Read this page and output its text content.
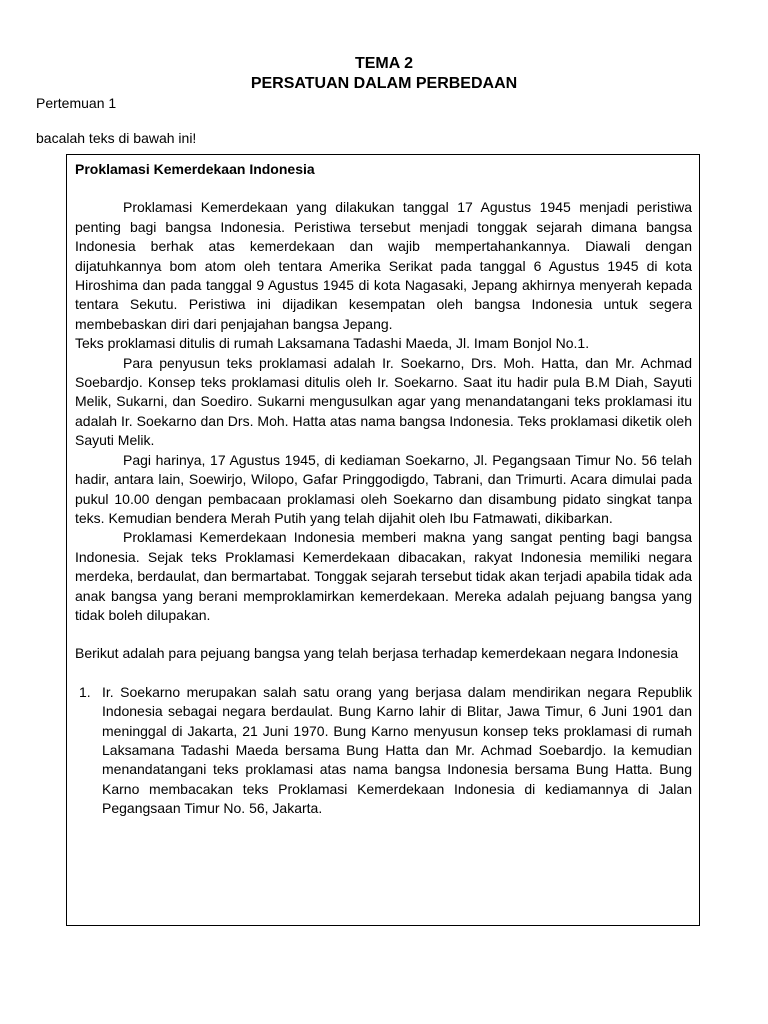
TEMA 2
PERSATUAN DALAM PERBEDAAN
Pertemuan 1
bacalah teks di bawah ini!

Proklamasi Kemerdekaan Indonesia

Proklamasi Kemerdekaan yang dilakukan tanggal 17 Agustus 1945 menjadi peristiwa penting bagi bangsa Indonesia. Peristiwa tersebut menjadi tonggak sejarah dimana bangsa Indonesia berhak atas kemerdekaan dan wajib mempertahankannya. Diawali dengan dijatuhkannya bom atom oleh tentara Amerika Serikat pada tanggal 6 Agustus 1945 di kota Hiroshima dan pada tanggal 9 Agustus 1945 di kota Nagasaki, Jepang akhirnya menyerah kepada tentara Sekutu. Peristiwa ini dijadikan kesempatan oleh bangsa Indonesia untuk segera membebaskan diri dari penjajahan bangsa Jepang.

Teks proklamasi ditulis di rumah Laksamana Tadashi Maeda, Jl. Imam Bonjol No.1.

Para penyusun teks proklamasi adalah Ir. Soekarno, Drs. Moh. Hatta, dan Mr. Achmad Soebardjo. Konsep teks proklamasi ditulis oleh Ir. Soekarno. Saat itu hadir pula B.M Diah, Sayuti Melik, Sukarni, dan Soediro. Sukarni mengusulkan agar yang menandatangani teks proklamasi itu adalah Ir. Soekarno dan Drs. Moh. Hatta atas nama bangsa Indonesia. Teks proklamasi diketik oleh Sayuti Melik.

Pagi harinya, 17 Agustus 1945, di kediaman Soekarno, Jl. Pegangsaan Timur No. 56 telah hadir, antara lain, Soewirjo, Wilopo, Gafar Pringgodigdo, Tabrani, dan Trimurti. Acara dimulai pada pukul 10.00 dengan pembacaan proklamasi oleh Soekarno dan disambung pidato singkat tanpa teks. Kemudian bendera Merah Putih yang telah dijahit oleh Ibu Fatmawati, dikibarkan.

Proklamasi Kemerdekaan Indonesia memberi makna yang sangat penting bagi bangsa Indonesia. Sejak teks Proklamasi Kemerdekaan dibacakan, rakyat Indonesia memiliki negara merdeka, berdaulat, dan bermartabat. Tonggak sejarah tersebut tidak akan terjadi apabila tidak ada anak bangsa yang berani memproklamirkan kemerdekaan. Mereka adalah pejuang bangsa yang tidak boleh dilupakan.

Berikut adalah para pejuang bangsa yang telah berjasa terhadap kemerdekaan negara Indonesia

1. Ir. Soekarno merupakan salah satu orang yang berjasa dalam mendirikan negara Republik Indonesia sebagai negara berdaulat. Bung Karno lahir di Blitar, Jawa Timur, 6 Juni 1901 dan meninggal di Jakarta, 21 Juni 1970. Bung Karno menyusun konsep teks proklamasi di rumah Laksamana Tadashi Maeda bersama Bung Hatta dan Mr. Achmad Soebardjo. Ia kemudian menandatangani teks proklamasi atas nama bangsa Indonesia bersama Bung Hatta. Bung Karno membacakan teks Proklamasi Kemerdekaan Indonesia di kediamannya di Jalan Pegangsaan Timur No. 56, Jakarta.
